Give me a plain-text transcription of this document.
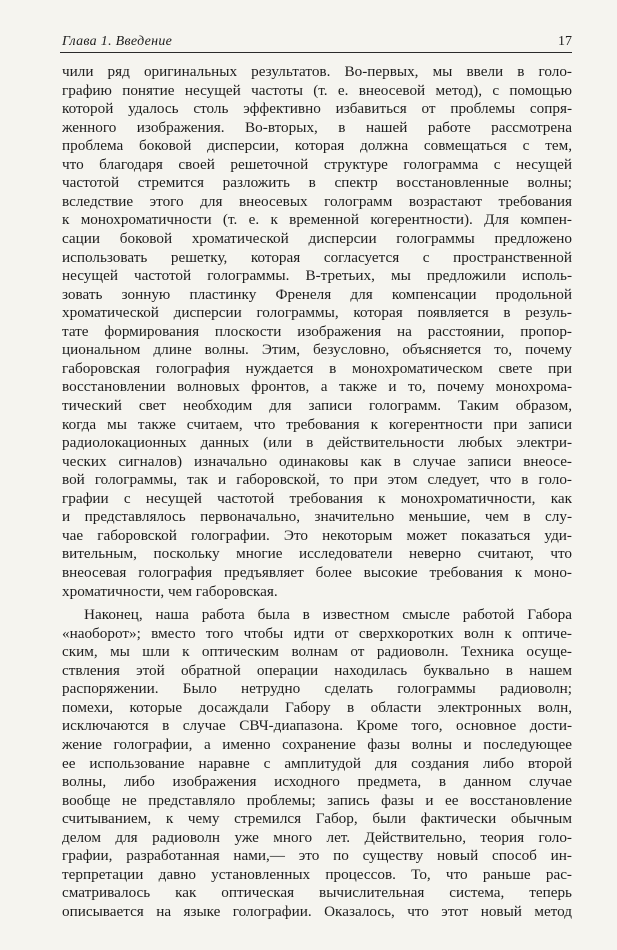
Глава 1. Введение	17
чили ряд оригинальных результатов. Во-первых, мы ввели в голо-
графию понятие несущей частоты (т. е. внеосевой метод), с помощью
которой удалось столь эффективно избавиться от проблемы сопря-
женного изображения. Во-вторых, в нашей работе рассмотрена
проблема боковой дисперсии, которая должна совмещаться с тем,
что благодаря своей решеточной структуре голограмма с несущей
частотой стремится разложить в спектр восстановленные волны;
вследствие этого для внеосевых голограмм возрастают требования
к монохроматичности (т. е. к временной когерентности). Для компен-
сации боковой хроматической дисперсии голограммы предложено
использовать решетку, которая согласуется с пространственной
несущей частотой голограммы. В-третьих, мы предложили исполь-
зовать зонную пластинку Френеля для компенсации продольной
хроматической дисперсии голограммы, которая появляется в резуль-
тате формирования плоскости изображения на расстоянии, пропор-
циональном длине волны. Этим, безусловно, объясняется то, почему
габоровская голография нуждается в монохроматическом свете при
восстановлении волновых фронтов, а также и то, почему монохрома-
тический свет необходим для записи голограмм. Таким образом,
когда мы также считаем, что требования к когерентности при записи
радиолокационных данных (или в действительности любых электри-
ческих сигналов) изначально одинаковы как в случае записи внеосе-
вой голограммы, так и габоровской, то при этом следует, что в голо-
графии с несущей частотой требования к монохроматичности, как
и представлялось первоначально, значительно меньшие, чем в слу-
чае габоровской голографии. Это некоторым может показаться уди-
вительным, поскольку многие исследователи неверно считают, что
внеосевая голография предъявляет более высокие требования к моно-
хроматичности, чем габоровская.
Наконец, наша работа была в известном смысле работой Габора
«наоборот»; вместо того чтобы идти от сверхкоротких волн к оптиче-
ским, мы шли к оптическим волнам от радиоволн. Техника осуще-
ствления этой обратной операции находилась буквально в нашем
распоряжении. Было нетрудно сделать голограммы радиоволн;
помехи, которые досаждали Габору в области электронных волн,
исключаются в случае СВЧ-диапазона. Кроме того, основное дости-
жение голографии, а именно сохранение фазы волны и последующее
ее использование наравне с амплитудой для создания либо второй
волны, либо изображения исходного предмета, в данном случае
вообще не представляло проблемы; запись фазы и ее восстановление
считыванием, к чему стремился Габор, были фактически обычным
делом для радиоволн уже много лет. Действительно, теория голо-
графии, разработанная нами,— это по существу новый способ ин-
терпретации давно установленных процессов. То, что раньше рас-
сматривалось как оптическая вычислительная система, теперь
описывается на языке голографии. Оказалось, что этот новый метод
